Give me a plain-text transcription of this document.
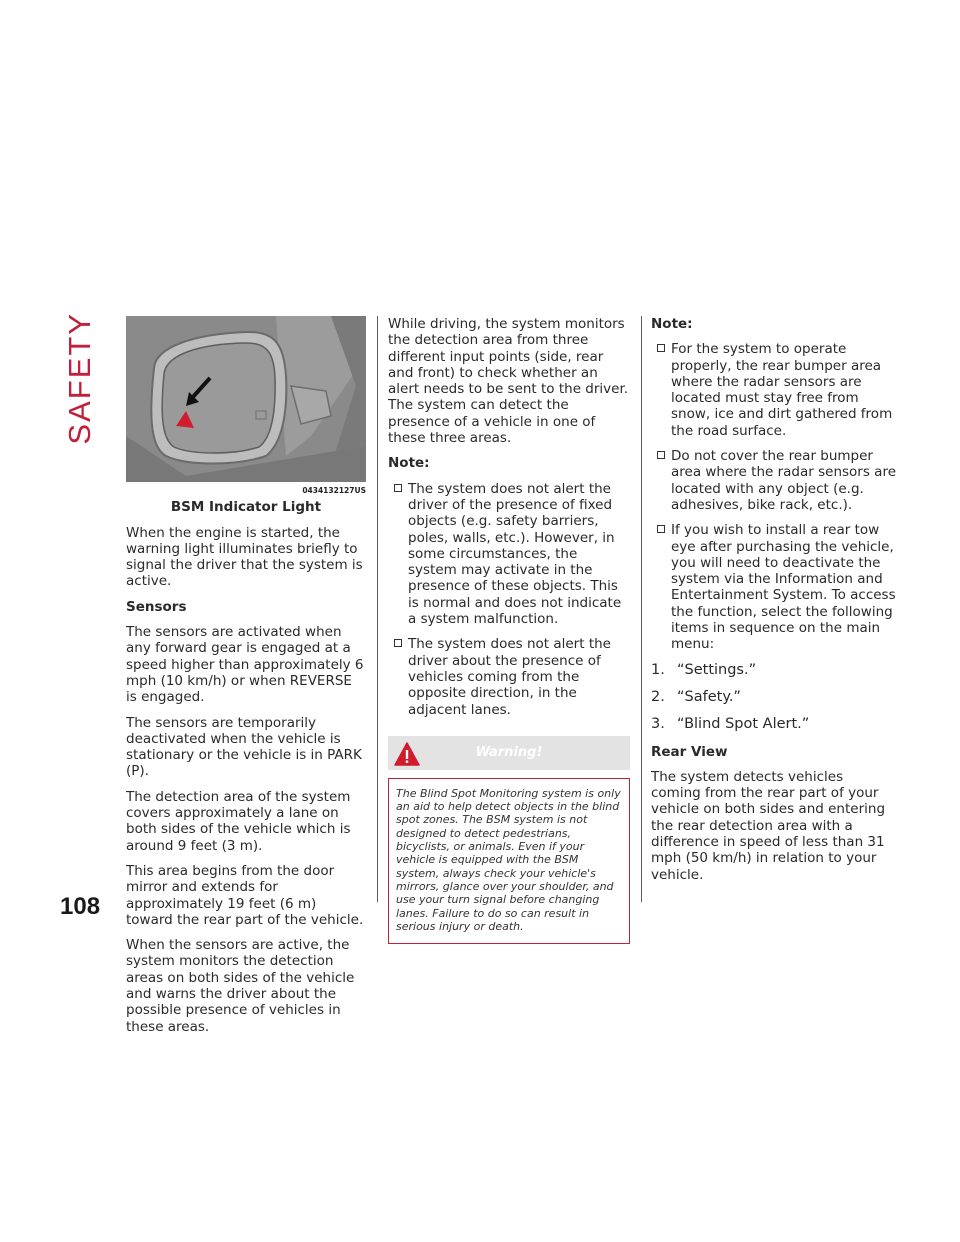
SAFETY
0434132127US

BSM Indicator Light

When the engine is started, the warning light illuminates briefly to signal the driver that the system is active.

Sensors

The sensors are activated when any forward gear is engaged at a speed higher than approximately 6 mph (10 km/h) or when REVERSE is engaged.

The sensors are temporarily deactivated when the vehicle is stationary or the vehicle is in PARK (P).

The detection area of the system covers approximately a lane on both sides of the vehicle which is around 9 feet (3 m).

This area begins from the door mirror and extends for approximately 19 feet (6 m) toward the rear part of the vehicle.

When the sensors are active, the system monitors the detection areas on both sides of the vehicle and warns the driver about the possible presence of vehicles in these areas.

While driving, the system monitors the detection area from three different input points (side, rear and front) to check whether an alert needs to be sent to the driver. The system can detect the presence of a vehicle in one of these three areas.

Note:

The system does not alert the driver of the presence of fixed objects (e.g. safety barriers, poles, walls, etc.). However, in some circumstances, the system may activate in the presence of these objects. This is normal and does not indicate a system malfunction.
The system does not alert the driver about the presence of vehicles coming from the opposite direction, in the adjacent lanes.
Warning!
The Blind Spot Monitoring system is only an aid to help detect objects in the blind spot zones. The BSM system is not designed to detect pedestrians, bicyclists, or animals. Even if your vehicle is equipped with the BSM system, always check your vehicle's mirrors, glance over your shoulder, and use your turn signal before changing lanes. Failure to do so can result in serious injury or death.

Note:

For the system to operate properly, the rear bumper area where the radar sensors are located must stay free from snow, ice and dirt gathered from the road surface.
Do not cover the rear bumper area where the radar sensors are located with any object (e.g. adhesives, bike rack, etc.).
If you wish to install a rear tow eye after purchasing the vehicle, you will need to deactivate the system via the Information and Entertainment System. To access the function, select the following items in sequence on the main menu:
1. “Settings.”
2. “Safety.”
3. “Blind Spot Alert.”

Rear View

The system detects vehicles coming from the rear part of your vehicle on both sides and entering the rear detection area with a difference in speed of less than 31 mph (50 km/h) in relation to your vehicle.

108
